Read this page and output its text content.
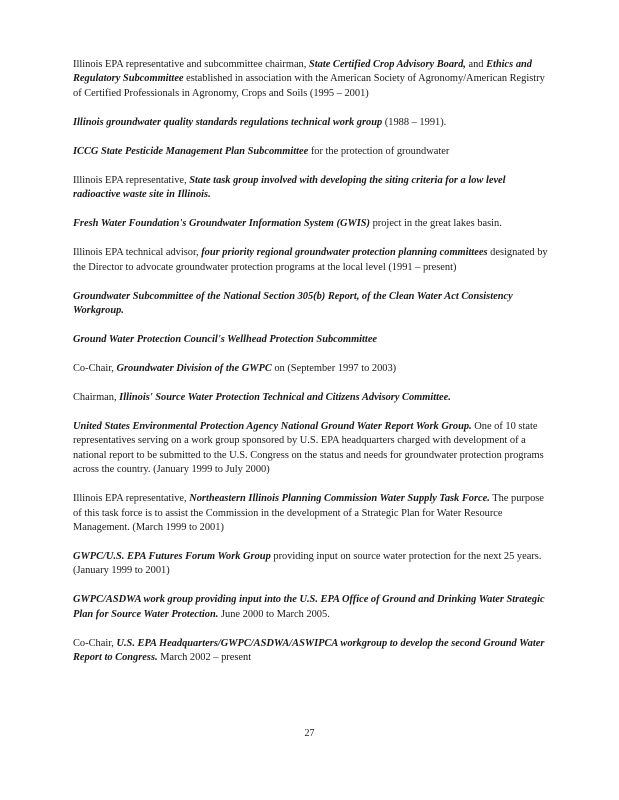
Illinois EPA representative and subcommittee chairman, State Certified Crop Advisory Board, and Ethics and Regulatory Subcommittee established in association with the American Society of Agronomy/American Registry of Certified Professionals in Agronomy, Crops and Soils (1995 – 2001)

Illinois groundwater quality standards regulations technical work group (1988 – 1991).

ICCG State Pesticide Management Plan Subcommittee for the protection of groundwater

Illinois EPA representative, State task group involved with developing the siting criteria for a low level radioactive waste site in Illinois.

Fresh Water Foundation's Groundwater Information System (GWIS) project in the great lakes basin.

Illinois EPA technical advisor, four priority regional groundwater protection planning committees designated by the Director to advocate groundwater protection programs at the local level (1991 – present)

Groundwater Subcommittee of the National Section 305(b) Report, of the Clean Water Act Consistency Workgroup.

Ground Water Protection Council's Wellhead Protection Subcommittee

Co-Chair, Groundwater Division of the GWPC on (September 1997 to 2003)

Chairman, Illinois' Source Water Protection Technical and Citizens Advisory Committee.

United States Environmental Protection Agency National Ground Water Report Work Group. One of 10 state representatives serving on a work group sponsored by U.S. EPA headquarters charged with development of a national report to be submitted to the U.S. Congress on the status and needs for groundwater protection programs across the country. (January 1999 to July 2000)

Illinois EPA representative, Northeastern Illinois Planning Commission Water Supply Task Force. The purpose of this task force is to assist the Commission in the development of a Strategic Plan for Water Resource Management. (March 1999 to 2001)

GWPC/U.S. EPA Futures Forum Work Group providing input on source water protection for the next 25 years. (January 1999 to 2001)

GWPC/ASDWA work group providing input into the U.S. EPA Office of Ground and Drinking Water Strategic Plan for Source Water Protection. June 2000 to March 2005.

Co-Chair, U.S. EPA Headquarters/GWPC/ASDWA/ASWIPCA workgroup to develop the second Ground Water Report to Congress. March 2002 – present

27
